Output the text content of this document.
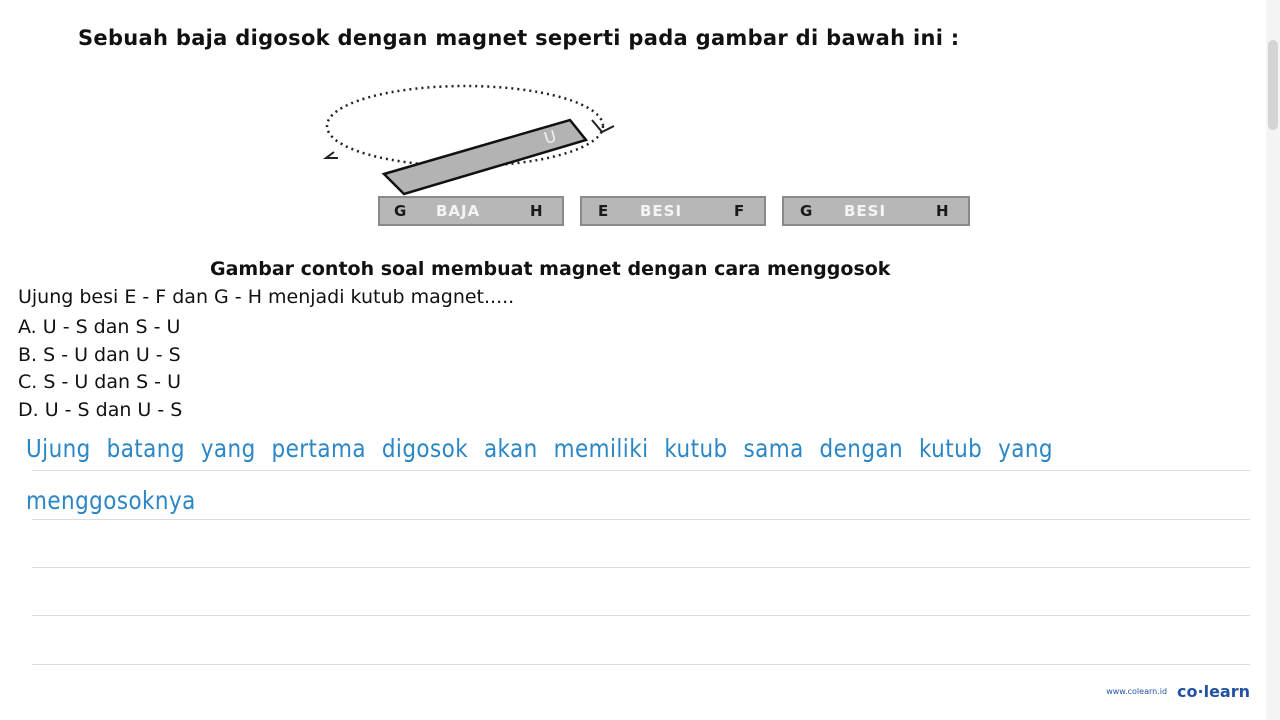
Sebuah baja digosok dengan magnet seperti pada gambar di bawah ini :
U
G BAJA	H	E BESI	F	G BESI	H
Gambar contoh soal membuat magnet dengan cara menggosok
Ujung besi E - F dan G - H menjadi kutub magnet.....
A. U - S dan S - U
B. S - U dan U - S
C. S - U dan S - U
D. U - S dan U - S
Ujung batang yang pertama digosok akan memiliki kutub sama dengan kutub yang
menggosoknya
www.colearn.id co·learn
